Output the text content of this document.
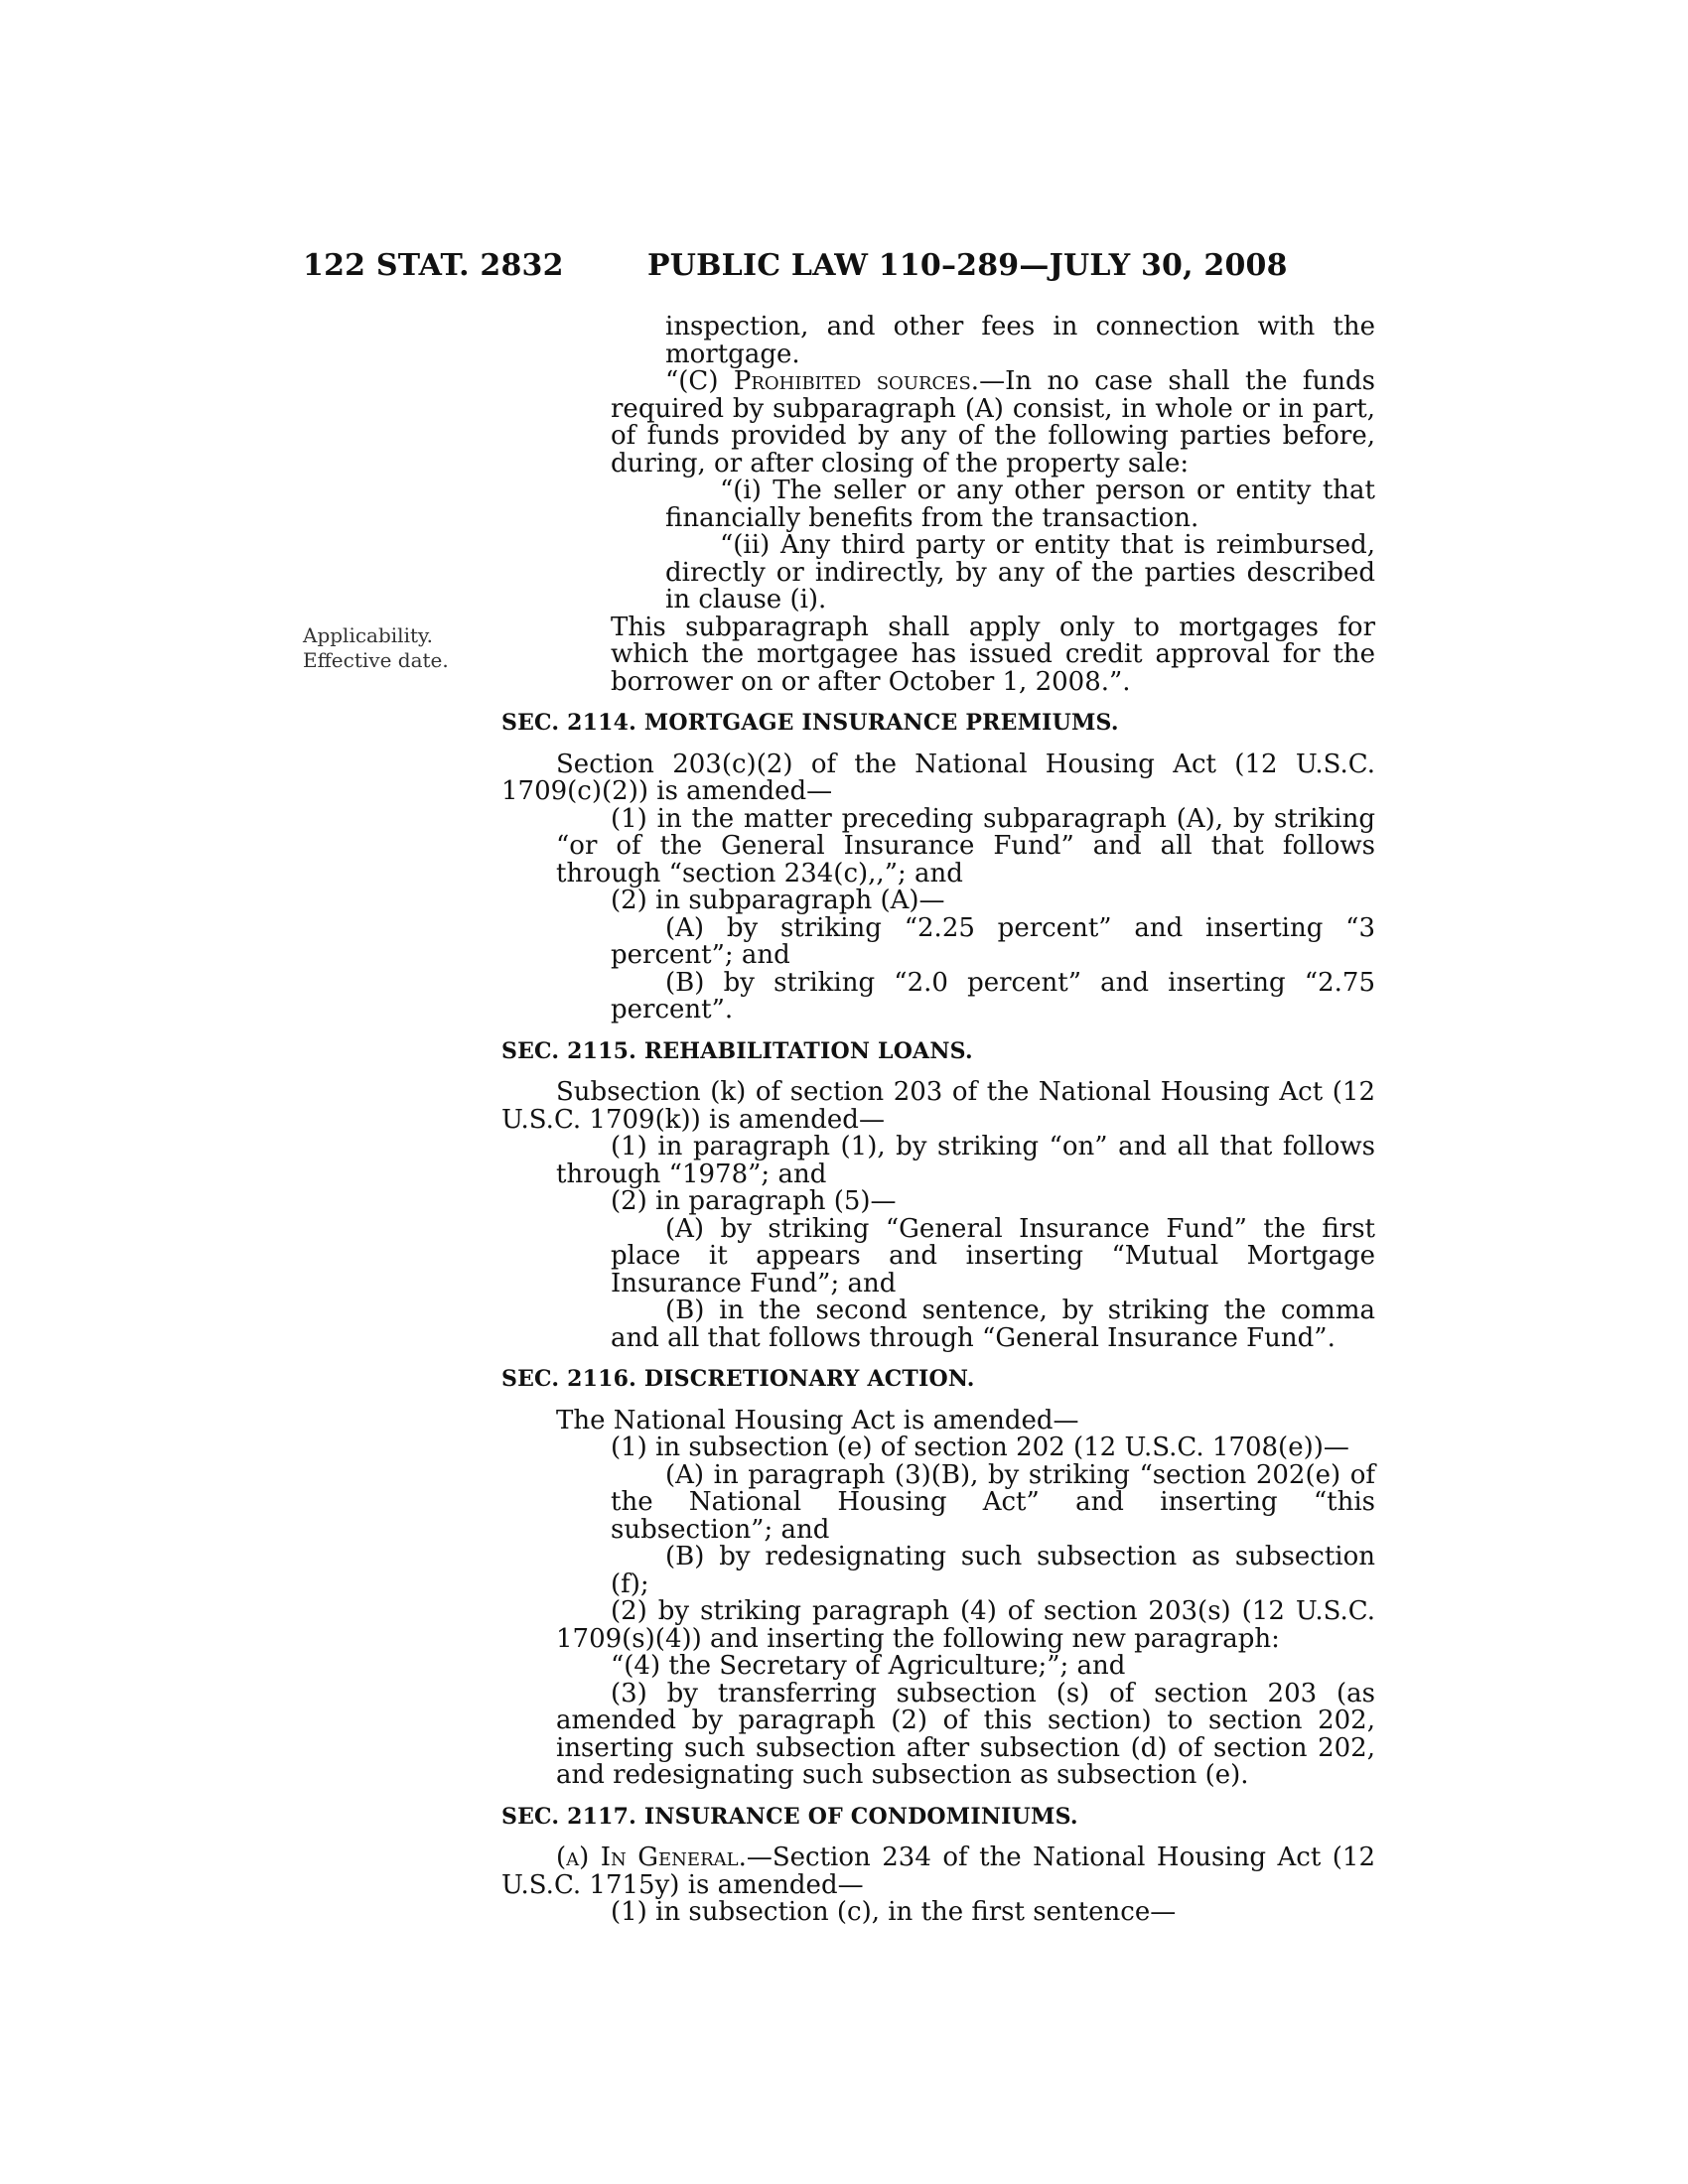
122 STAT. 2832	PUBLIC LAW 110–289—JULY 30, 2008
Applicability.
Effective date.
inspection, and other fees in connection with the mortgage.
“(C) Prohibited sources.—In no case shall the funds required by subparagraph (A) consist, in whole or in part, of funds provided by any of the following parties before, during, or after closing of the property sale:
“(i) The seller or any other person or entity that financially benefits from the transaction.
“(ii) Any third party or entity that is reimbursed, directly or indirectly, by any of the parties described in clause (i).
This subparagraph shall apply only to mortgages for which the mortgagee has issued credit approval for the borrower on or after October 1, 2008.”.
SEC. 2114. MORTGAGE INSURANCE PREMIUMS.
Section 203(c)(2) of the National Housing Act (12 U.S.C. 1709(c)(2)) is amended—
(1) in the matter preceding subparagraph (A), by striking “or of the General Insurance Fund” and all that follows through “section 234(c),,”; and
(2) in subparagraph (A)—
(A) by striking “2.25 percent” and inserting “3 percent”; and
(B) by striking “2.0 percent” and inserting “2.75 percent”.
SEC. 2115. REHABILITATION LOANS.
Subsection (k) of section 203 of the National Housing Act (12 U.S.C. 1709(k)) is amended—
(1) in paragraph (1), by striking “on” and all that follows through “1978”; and
(2) in paragraph (5)—
(A) by striking “General Insurance Fund” the first place it appears and inserting “Mutual Mortgage Insurance Fund”; and
(B) in the second sentence, by striking the comma and all that follows through “General Insurance Fund”.
SEC. 2116. DISCRETIONARY ACTION.
The National Housing Act is amended—
(1) in subsection (e) of section 202 (12 U.S.C. 1708(e))—
(A) in paragraph (3)(B), by striking “section 202(e) of the National Housing Act” and inserting “this subsection”; and
(B) by redesignating such subsection as subsection (f);
(2) by striking paragraph (4) of section 203(s) (12 U.S.C. 1709(s)(4)) and inserting the following new paragraph:
“(4) the Secretary of Agriculture;”; and
(3) by transferring subsection (s) of section 203 (as amended by paragraph (2) of this section) to section 202, inserting such subsection after subsection (d) of section 202, and redesignating such subsection as subsection (e).
SEC. 2117. INSURANCE OF CONDOMINIUMS.
(a) In General.—Section 234 of the National Housing Act (12 U.S.C. 1715y) is amended—
(1) in subsection (c), in the first sentence—
